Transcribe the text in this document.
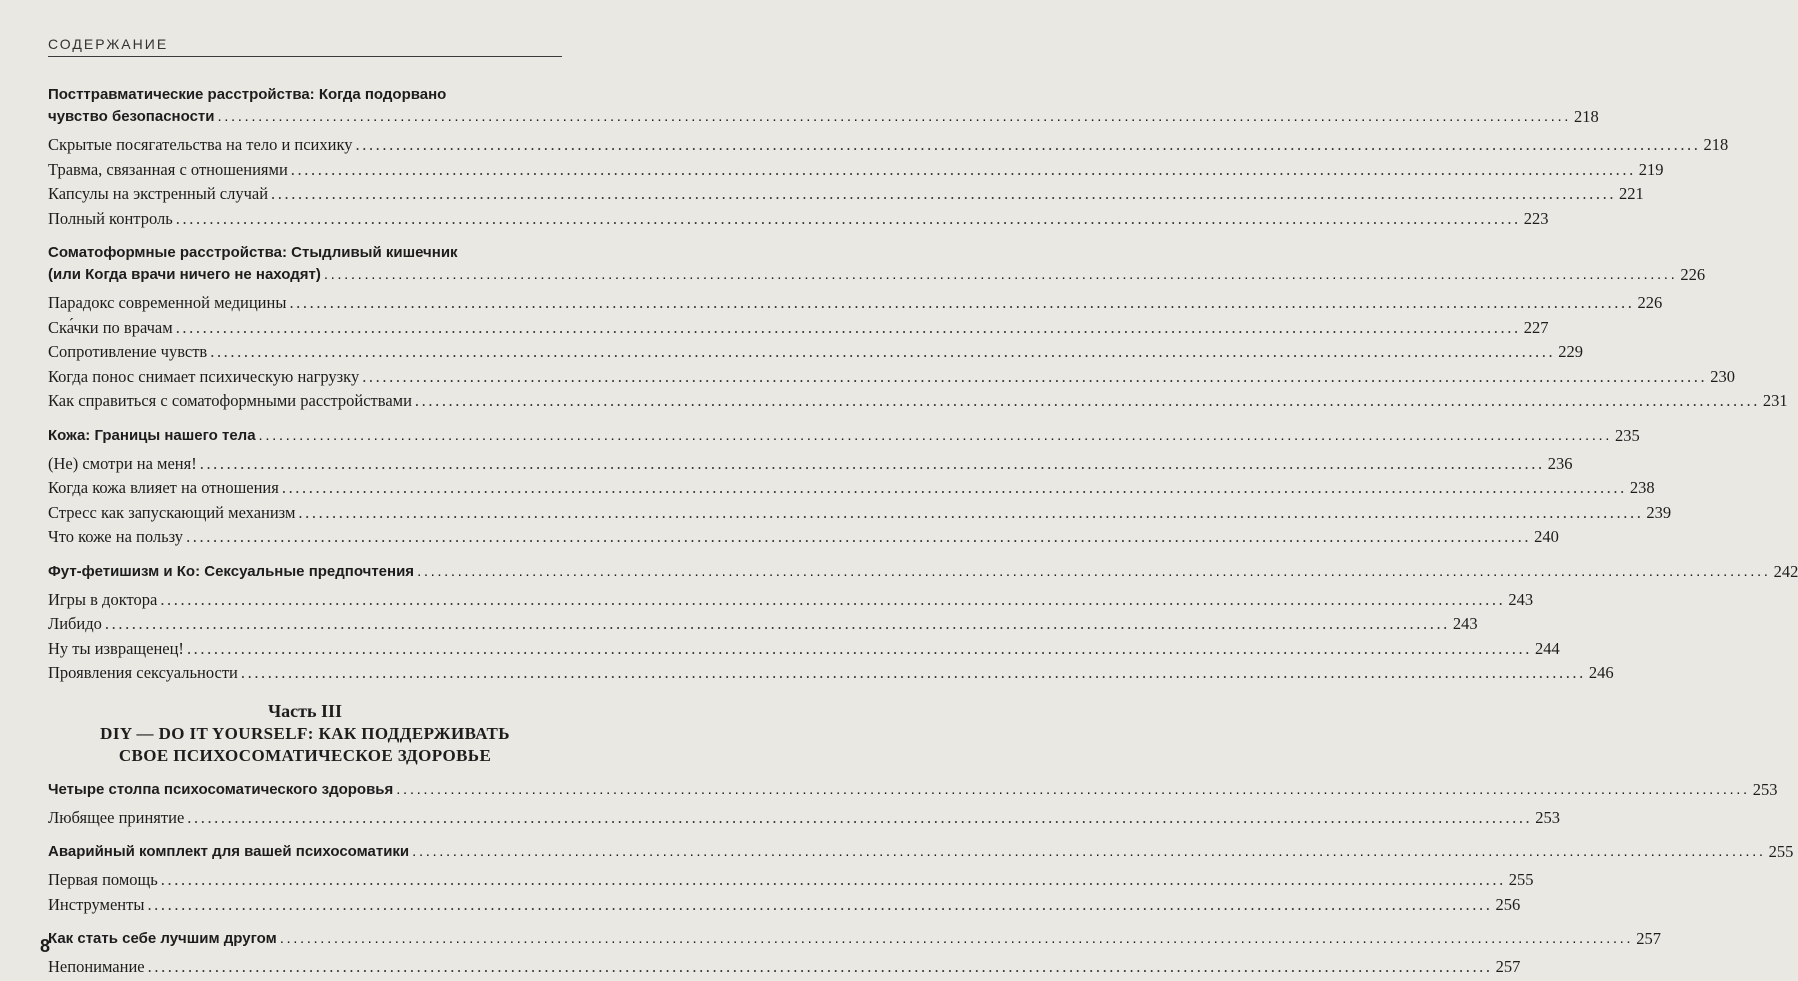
СОДЕРЖАНИЕ
Посттравматические расстройства: Когда подорвано
чувство безопасности ........................................................................................................................................................................................................ 218
Скрытые посягательства на тело и психику ........................................................................................................................................................................................................ 218
Травма, связанная с отношениями ........................................................................................................................................................................................................ 219
Капсулы на экстренный случай ........................................................................................................................................................................................................ 221
Полный контроль ........................................................................................................................................................................................................ 223
Соматоформные расстройства: Стыдливый кишечник
(или Когда врачи ничего не находят) ........................................................................................................................................................................................................ 226
Парадокс современной медицины ........................................................................................................................................................................................................ 226
Ска́чки по врачам ........................................................................................................................................................................................................ 227
Сопротивление чувств ........................................................................................................................................................................................................ 229
Когда понос снимает психическую нагрузку ........................................................................................................................................................................................................ 230
Как справиться с соматоформными расстройствами ........................................................................................................................................................................................................ 231
Кожа: Границы нашего тела ........................................................................................................................................................................................................ 235
(Не) смотри на меня! ........................................................................................................................................................................................................ 236
Когда кожа влияет на отношения ........................................................................................................................................................................................................ 238
Стресс как запускающий механизм ........................................................................................................................................................................................................ 239
Что коже на пользу ........................................................................................................................................................................................................ 240
Фут-фетишизм и Ко: Сексуальные предпочтения ........................................................................................................................................................................................................ 242
Игры в доктора ........................................................................................................................................................................................................ 243
Либидо ........................................................................................................................................................................................................ 243
Ну ты извращенец! ........................................................................................................................................................................................................ 244
Проявления сексуальности ........................................................................................................................................................................................................ 246
Часть III
DIY — DO IT YOURSELF: КАК ПОДДЕРЖИВАТЬ
СВОЕ ПСИХОСОМАТИЧЕСКОЕ ЗДОРОВЬЕ
Четыре столпа психосоматического здоровья ........................................................................................................................................................................................................ 253
Любящее принятие ........................................................................................................................................................................................................ 253
Аварийный комплект для вашей психосоматики ........................................................................................................................................................................................................ 255
Первая помощь ........................................................................................................................................................................................................ 255
Инструменты ........................................................................................................................................................................................................ 256
Как стать себе лучшим другом ........................................................................................................................................................................................................ 257
Непонимание ........................................................................................................................................................................................................ 257
8
